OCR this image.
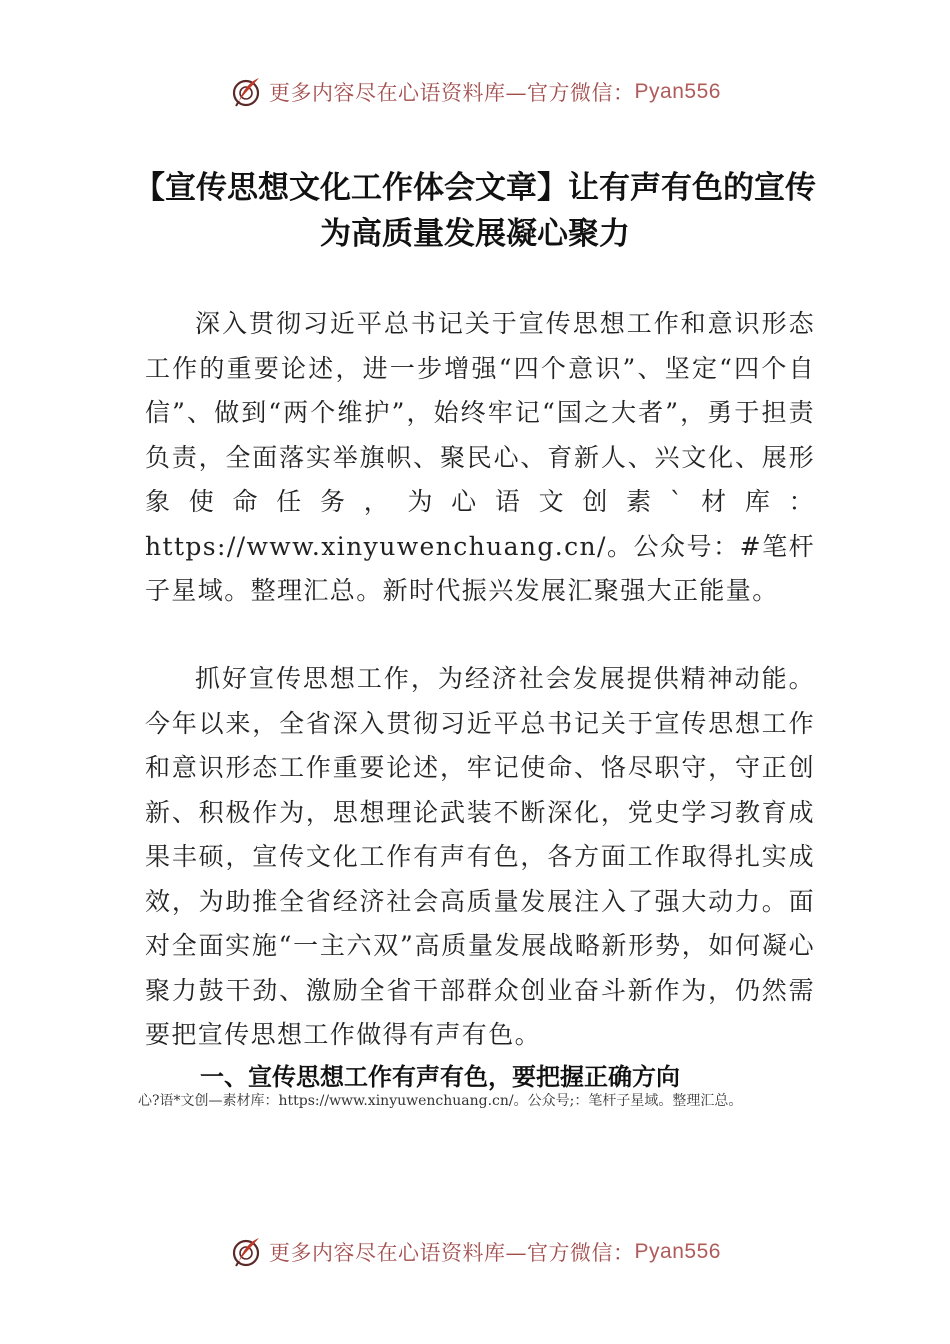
更多内容尽在心语资料库—官方微信： Pyan556
【宣传思想文化工作体会文章】让有声有色的宣传为高质量发展凝心聚力

深入贯彻习近平总书记关于宣传思想工作和意识形态工作的重要论述，进一步增强“四个意识”、坚定“四个自信”、做到“两个维护”，始终牢记“国之大者”，勇于担责负责，全面落实举旗帜、聚民心、育新人、兴文化、展形象使命任务，为心语文创素`材库：https://www.xinyuwenchuang.cn/。公众号：#笔杆子星域。整理汇总。新时代振兴发展汇聚强大正能量。

抓好宣传思想工作，为经济社会发展提供精神动能。今年以来，全省深入贯彻习近平总书记关于宣传思想工作和意识形态工作重要论述，牢记使命、恪尽职守，守正创新、积极作为，思想理论武装不断深化，党史学习教育成果丰硕，宣传文化工作有声有色，各方面工作取得扎实成效，为助推全省经济社会高质量发展注入了强大动力。面对全面实施“一主六双”高质量发展战略新形势，如何凝心聚力鼓干劲、激励全省干部群众创业奋斗新作为，仍然需要把宣传思想工作做得有声有色。

一、宣传思想工作有声有色，要把握正确方向
心?语*文创—素材库：https://www.xinyuwenchuang.cn/。公众号;：笔杆子星域。整理汇总。
更多内容尽在心语资料库—官方微信： Pyan556
